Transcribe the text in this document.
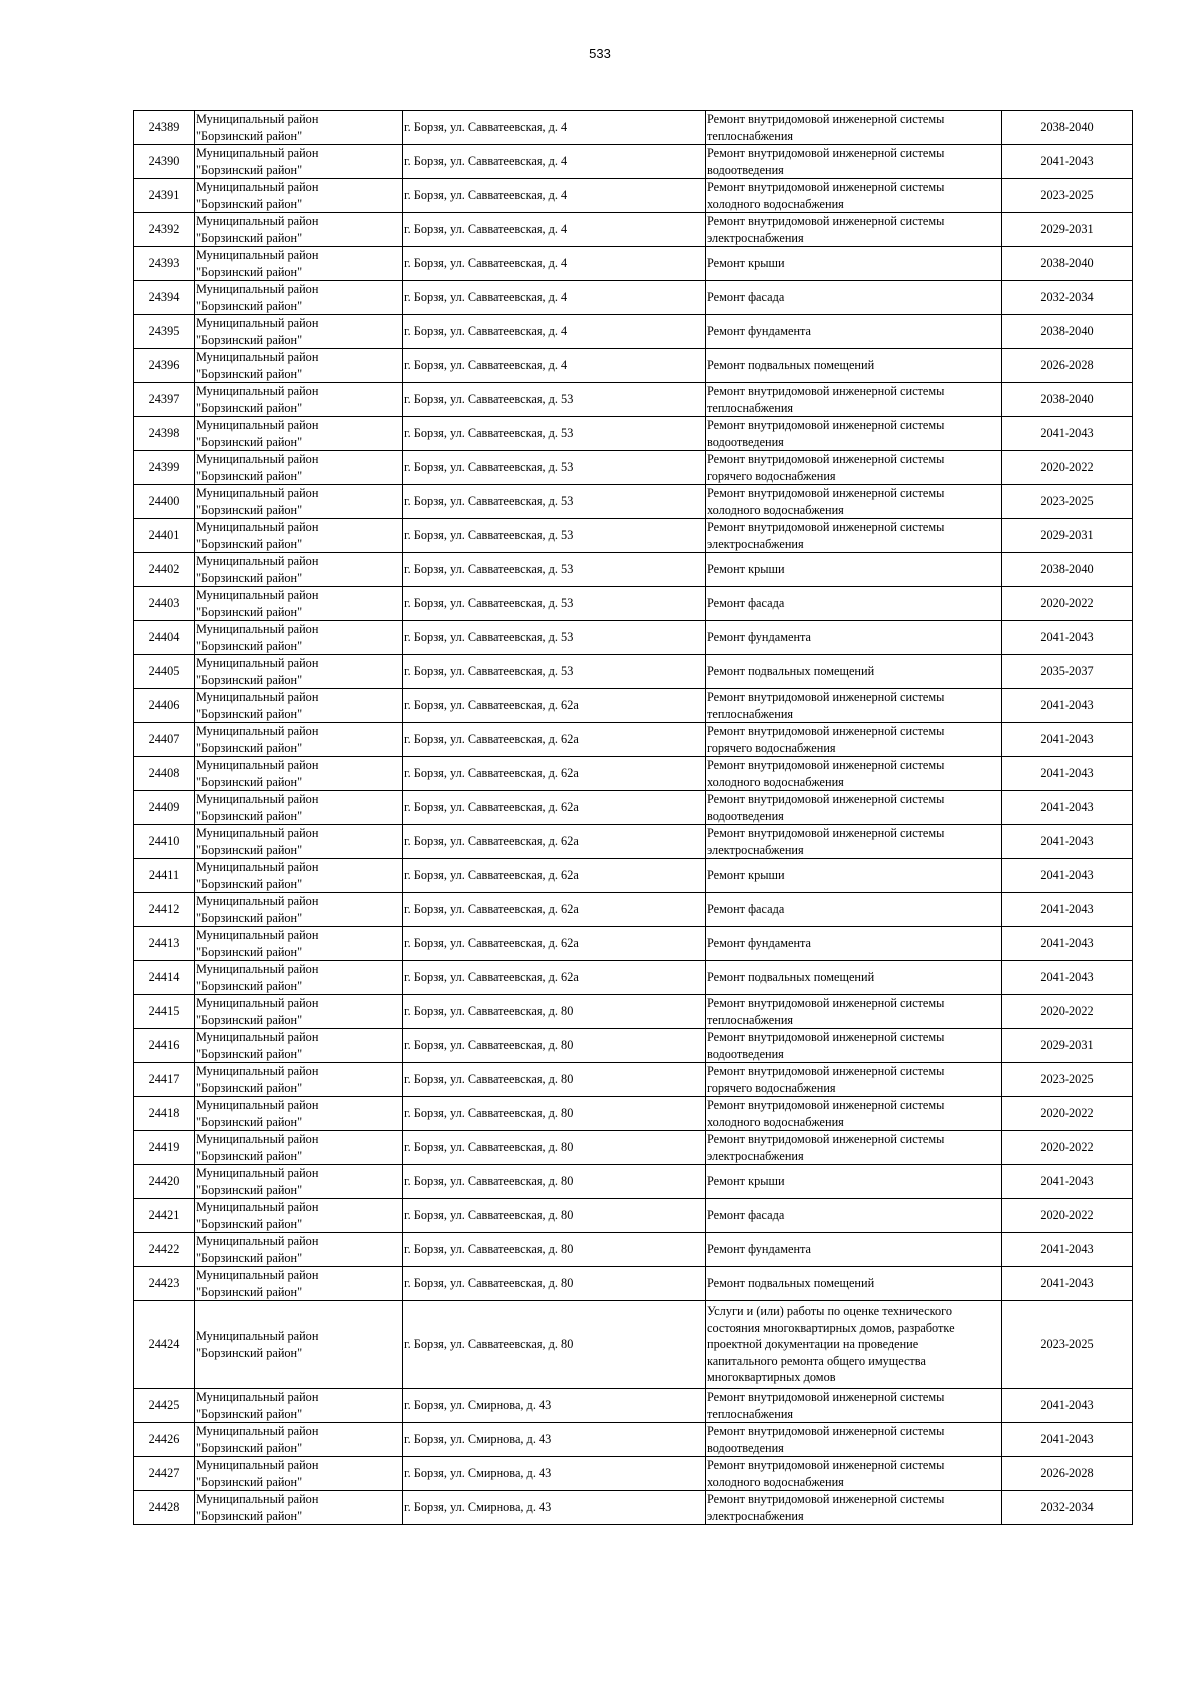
533
24389	Муниципальный район
"Борзинский район"	г. Борзя, ул. Савватеевская, д. 4	Ремонт внутридомовой инженерной системы
теплоснабжения	2038-2040

24390	Муниципальный район
"Борзинский район"	г. Борзя, ул. Савватеевская, д. 4	Ремонт внутридомовой инженерной системы
водоотведения	2041-2043

24391	Муниципальный район
"Борзинский район"	г. Борзя, ул. Савватеевская, д. 4	Ремонт внутридомовой инженерной системы
холодного водоснабжения	2023-2025

24392	Муниципальный район
"Борзинский район"	г. Борзя, ул. Савватеевская, д. 4	Ремонт внутридомовой инженерной системы
электроснабжения	2029-2031

24393	Муниципальный район
"Борзинский район"	г. Борзя, ул. Савватеевская, д. 4	Ремонт крыши	2038-2040

24394	Муниципальный район
"Борзинский район"	г. Борзя, ул. Савватеевская, д. 4	Ремонт фасада	2032-2034

24395	Муниципальный район
"Борзинский район"	г. Борзя, ул. Савватеевская, д. 4	Ремонт фундамента	2038-2040

24396	Муниципальный район
"Борзинский район"	г. Борзя, ул. Савватеевская, д. 4	Ремонт подвальных помещений	2026-2028

24397	Муниципальный район
"Борзинский район"	г. Борзя, ул. Савватеевская, д. 53	Ремонт внутридомовой инженерной системы
теплоснабжения	2038-2040

24398	Муниципальный район
"Борзинский район"	г. Борзя, ул. Савватеевская, д. 53	Ремонт внутридомовой инженерной системы
водоотведения	2041-2043

24399	Муниципальный район
"Борзинский район"	г. Борзя, ул. Савватеевская, д. 53	Ремонт внутридомовой инженерной системы
горячего водоснабжения	2020-2022

24400	Муниципальный район
"Борзинский район"	г. Борзя, ул. Савватеевская, д. 53	Ремонт внутридомовой инженерной системы
холодного водоснабжения	2023-2025

24401	Муниципальный район
"Борзинский район"	г. Борзя, ул. Савватеевская, д. 53	Ремонт внутридомовой инженерной системы
электроснабжения	2029-2031

24402	Муниципальный район
"Борзинский район"	г. Борзя, ул. Савватеевская, д. 53	Ремонт крыши	2038-2040

24403	Муниципальный район
"Борзинский район"	г. Борзя, ул. Савватеевская, д. 53	Ремонт фасада	2020-2022

24404	Муниципальный район
"Борзинский район"	г. Борзя, ул. Савватеевская, д. 53	Ремонт фундамента	2041-2043

24405	Муниципальный район
"Борзинский район"	г. Борзя, ул. Савватеевская, д. 53	Ремонт подвальных помещений	2035-2037

24406	Муниципальный район
"Борзинский район"	г. Борзя, ул. Савватеевская, д. 62а	Ремонт внутридомовой инженерной системы
теплоснабжения	2041-2043

24407	Муниципальный район
"Борзинский район"	г. Борзя, ул. Савватеевская, д. 62а	Ремонт внутридомовой инженерной системы
горячего водоснабжения	2041-2043

24408	Муниципальный район
"Борзинский район"	г. Борзя, ул. Савватеевская, д. 62а	Ремонт внутридомовой инженерной системы
холодного водоснабжения	2041-2043

24409	Муниципальный район
"Борзинский район"	г. Борзя, ул. Савватеевская, д. 62а	Ремонт внутридомовой инженерной системы
водоотведения	2041-2043

24410	Муниципальный район
"Борзинский район"	г. Борзя, ул. Савватеевская, д. 62а	Ремонт внутридомовой инженерной системы
электроснабжения	2041-2043

24411	Муниципальный район
"Борзинский район"	г. Борзя, ул. Савватеевская, д. 62а	Ремонт крыши	2041-2043

24412	Муниципальный район
"Борзинский район"	г. Борзя, ул. Савватеевская, д. 62а	Ремонт фасада	2041-2043

24413	Муниципальный район
"Борзинский район"	г. Борзя, ул. Савватеевская, д. 62а	Ремонт фундамента	2041-2043

24414	Муниципальный район
"Борзинский район"	г. Борзя, ул. Савватеевская, д. 62а	Ремонт подвальных помещений	2041-2043

24415	Муниципальный район
"Борзинский район"	г. Борзя, ул. Савватеевская, д. 80	Ремонт внутридомовой инженерной системы
теплоснабжения	2020-2022

24416	Муниципальный район
"Борзинский район"	г. Борзя, ул. Савватеевская, д. 80	Ремонт внутридомовой инженерной системы
водоотведения	2029-2031

24417	Муниципальный район
"Борзинский район"	г. Борзя, ул. Савватеевская, д. 80	Ремонт внутридомовой инженерной системы
горячего водоснабжения	2023-2025

24418	Муниципальный район
"Борзинский район"	г. Борзя, ул. Савватеевская, д. 80	Ремонт внутридомовой инженерной системы
холодного водоснабжения	2020-2022

24419	Муниципальный район
"Борзинский район"	г. Борзя, ул. Савватеевская, д. 80	Ремонт внутридомовой инженерной системы
электроснабжения	2020-2022

24420	Муниципальный район
"Борзинский район"	г. Борзя, ул. Савватеевская, д. 80	Ремонт крыши	2041-2043

24421	Муниципальный район
"Борзинский район"	г. Борзя, ул. Савватеевская, д. 80	Ремонт фасада	2020-2022

24422	Муниципальный район
"Борзинский район"	г. Борзя, ул. Савватеевская, д. 80	Ремонт фундамента	2041-2043

24423	Муниципальный район
"Борзинский район"	г. Борзя, ул. Савватеевская, д. 80	Ремонт подвальных помещений	2041-2043

24424	Муниципальный район
"Борзинский район"	г. Борзя, ул. Савватеевская, д. 80	Услуги и (или) работы по оценке технического
состояния многоквартирных домов, разработке
проектной документации на проведение
капитального ремонта общего имущества
многоквартирных домов	2023-2025

24425	Муниципальный район
"Борзинский район"	г. Борзя, ул. Смирнова, д. 43	Ремонт внутридомовой инженерной системы
теплоснабжения	2041-2043

24426	Муниципальный район
"Борзинский район"	г. Борзя, ул. Смирнова, д. 43	Ремонт внутридомовой инженерной системы
водоотведения	2041-2043

24427	Муниципальный район
"Борзинский район"	г. Борзя, ул. Смирнова, д. 43	Ремонт внутридомовой инженерной системы
холодного водоснабжения	2026-2028

24428	Муниципальный район
"Борзинский район"	г. Борзя, ул. Смирнова, д. 43	Ремонт внутридомовой инженерной системы
электроснабжения	2032-2034
